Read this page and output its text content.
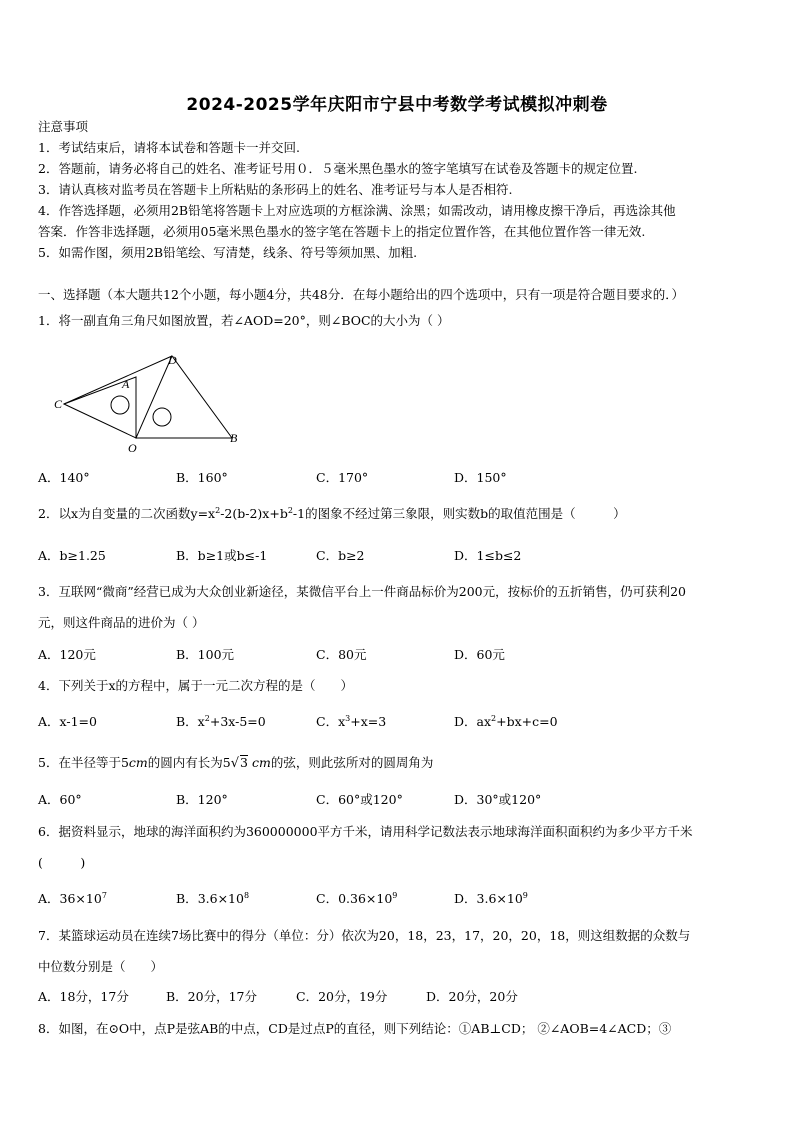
2024-2025学年庆阳市宁县中考数学考试模拟冲刺卷
注意事项
1．考试结束后，请将本试卷和答题卡一并交回.
2．答题前，请务必将自己的姓名、准考证号用０．５毫米黑色墨水的签字笔填写在试卷及答题卡的规定位置.
3．请认真核对监考员在答题卡上所粘贴的条形码上的姓名、准考证号与本人是否相符.
4．作答选择题，必须用2B铅笔将答题卡上对应选项的方框涂满、涂黑；如需改动，请用橡皮擦干净后，再选涂其他
答案．作答非选择题，必须用05毫米黑色墨水的签字笔在答题卡上的指定位置作答，在其他位置作答一律无效.
5．如需作图，须用2B铅笔绘、写清楚，线条、符号等须加黑、加粗.
一、选择题（本大题共12个小题，每小题4分，共48分．在每小题给出的四个选项中，只有一项是符合题目要求的．）
1．将一副直角三角尺如图放置，若∠AOD=20°，则∠BOC的大小为（ ）
C
A
D
O
B
A．140°	B．160°	C．170°	D．150°
2．以x为自变量的二次函数$y=x^2-2(b-2)x+b^2-1$的图象不经过第三象限，则实数b的取值范围是（　　　）
A．b≥1.25	B．b≥1或b≤-1	C．b≥2	D．1≤b≤2
3．互联网“微商”经营已成为大众创业新途径，某微信平台上一件商品标价为200元，按标价的五折销售，仍可获利20
元，则这件商品的进价为（ ）
A．120元	B．100元	C．80元	D．60元
4．下列关于x的方程中，属于一元二次方程的是（　　）
A．x-1=0	B．$x^2+3x-5=0$	C．$x^3+x=3$	D．$ax^2+bx+c=0$
5．在半径等于5cm的圆内有长为5√3 cm的弦，则此弦所对的圆周角为
A．60°	B．120°	C．60°或120°	D．30°或120°
6．据资料显示，地球的海洋面积约为360000000平方千米，请用科学记数法表示地球海洋面积面积约为多少平方千米
(　　　)
A．$36\times 10^7$	B．$3.6\times 10^8$	C．$0.36\times 10^9$	D．$3.6\times 10^9$
7．某篮球运动员在连续7场比赛中的得分（单位：分）依次为20，18，23，17，20，20，18，则这组数据的众数与
中位数分别是（　　）
A．18分，17分	B．20分，17分	C．20分，19分	D．20分，20分
8．如图，在⊙O中，点P是弦AB的中点，CD是过点P的直径，则下列结论：①AB⊥CD； ②∠AOB=4∠ACD；③
